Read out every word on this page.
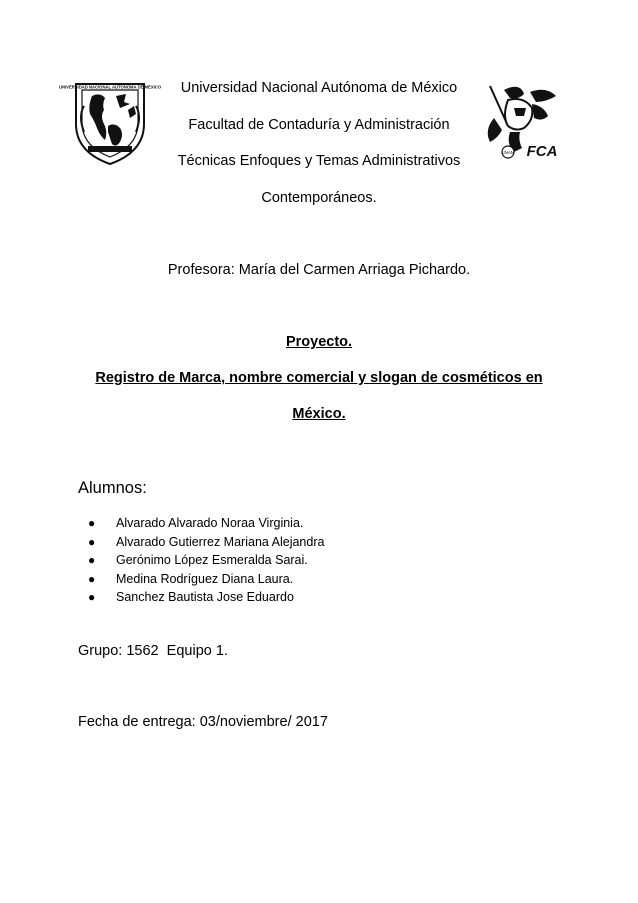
UNIVERSIDAD NACIONAL AUTONOMA DE MEXICO
UNAM FCA
Universidad Nacional Autónoma de México
Facultad de Contaduría y Administración
Técnicas Enfoques y Temas Administrativos
Contemporáneos.
Profesora: María del Carmen Arriaga Pichardo.
Proyecto.
Registro de Marca, nombre comercial y slogan de cosméticos en
México.
Alumnos:
● Alvarado Alvarado Noraa Virginia.
● Alvarado Gutierrez Mariana Alejandra
● Gerónimo López Esmeralda Sarai.
● Medina Rodríguez Diana Laura.
● Sanchez Bautista Jose Eduardo
Grupo: 1562  Equipo 1.
Fecha de entrega: 03/noviembre/ 2017
